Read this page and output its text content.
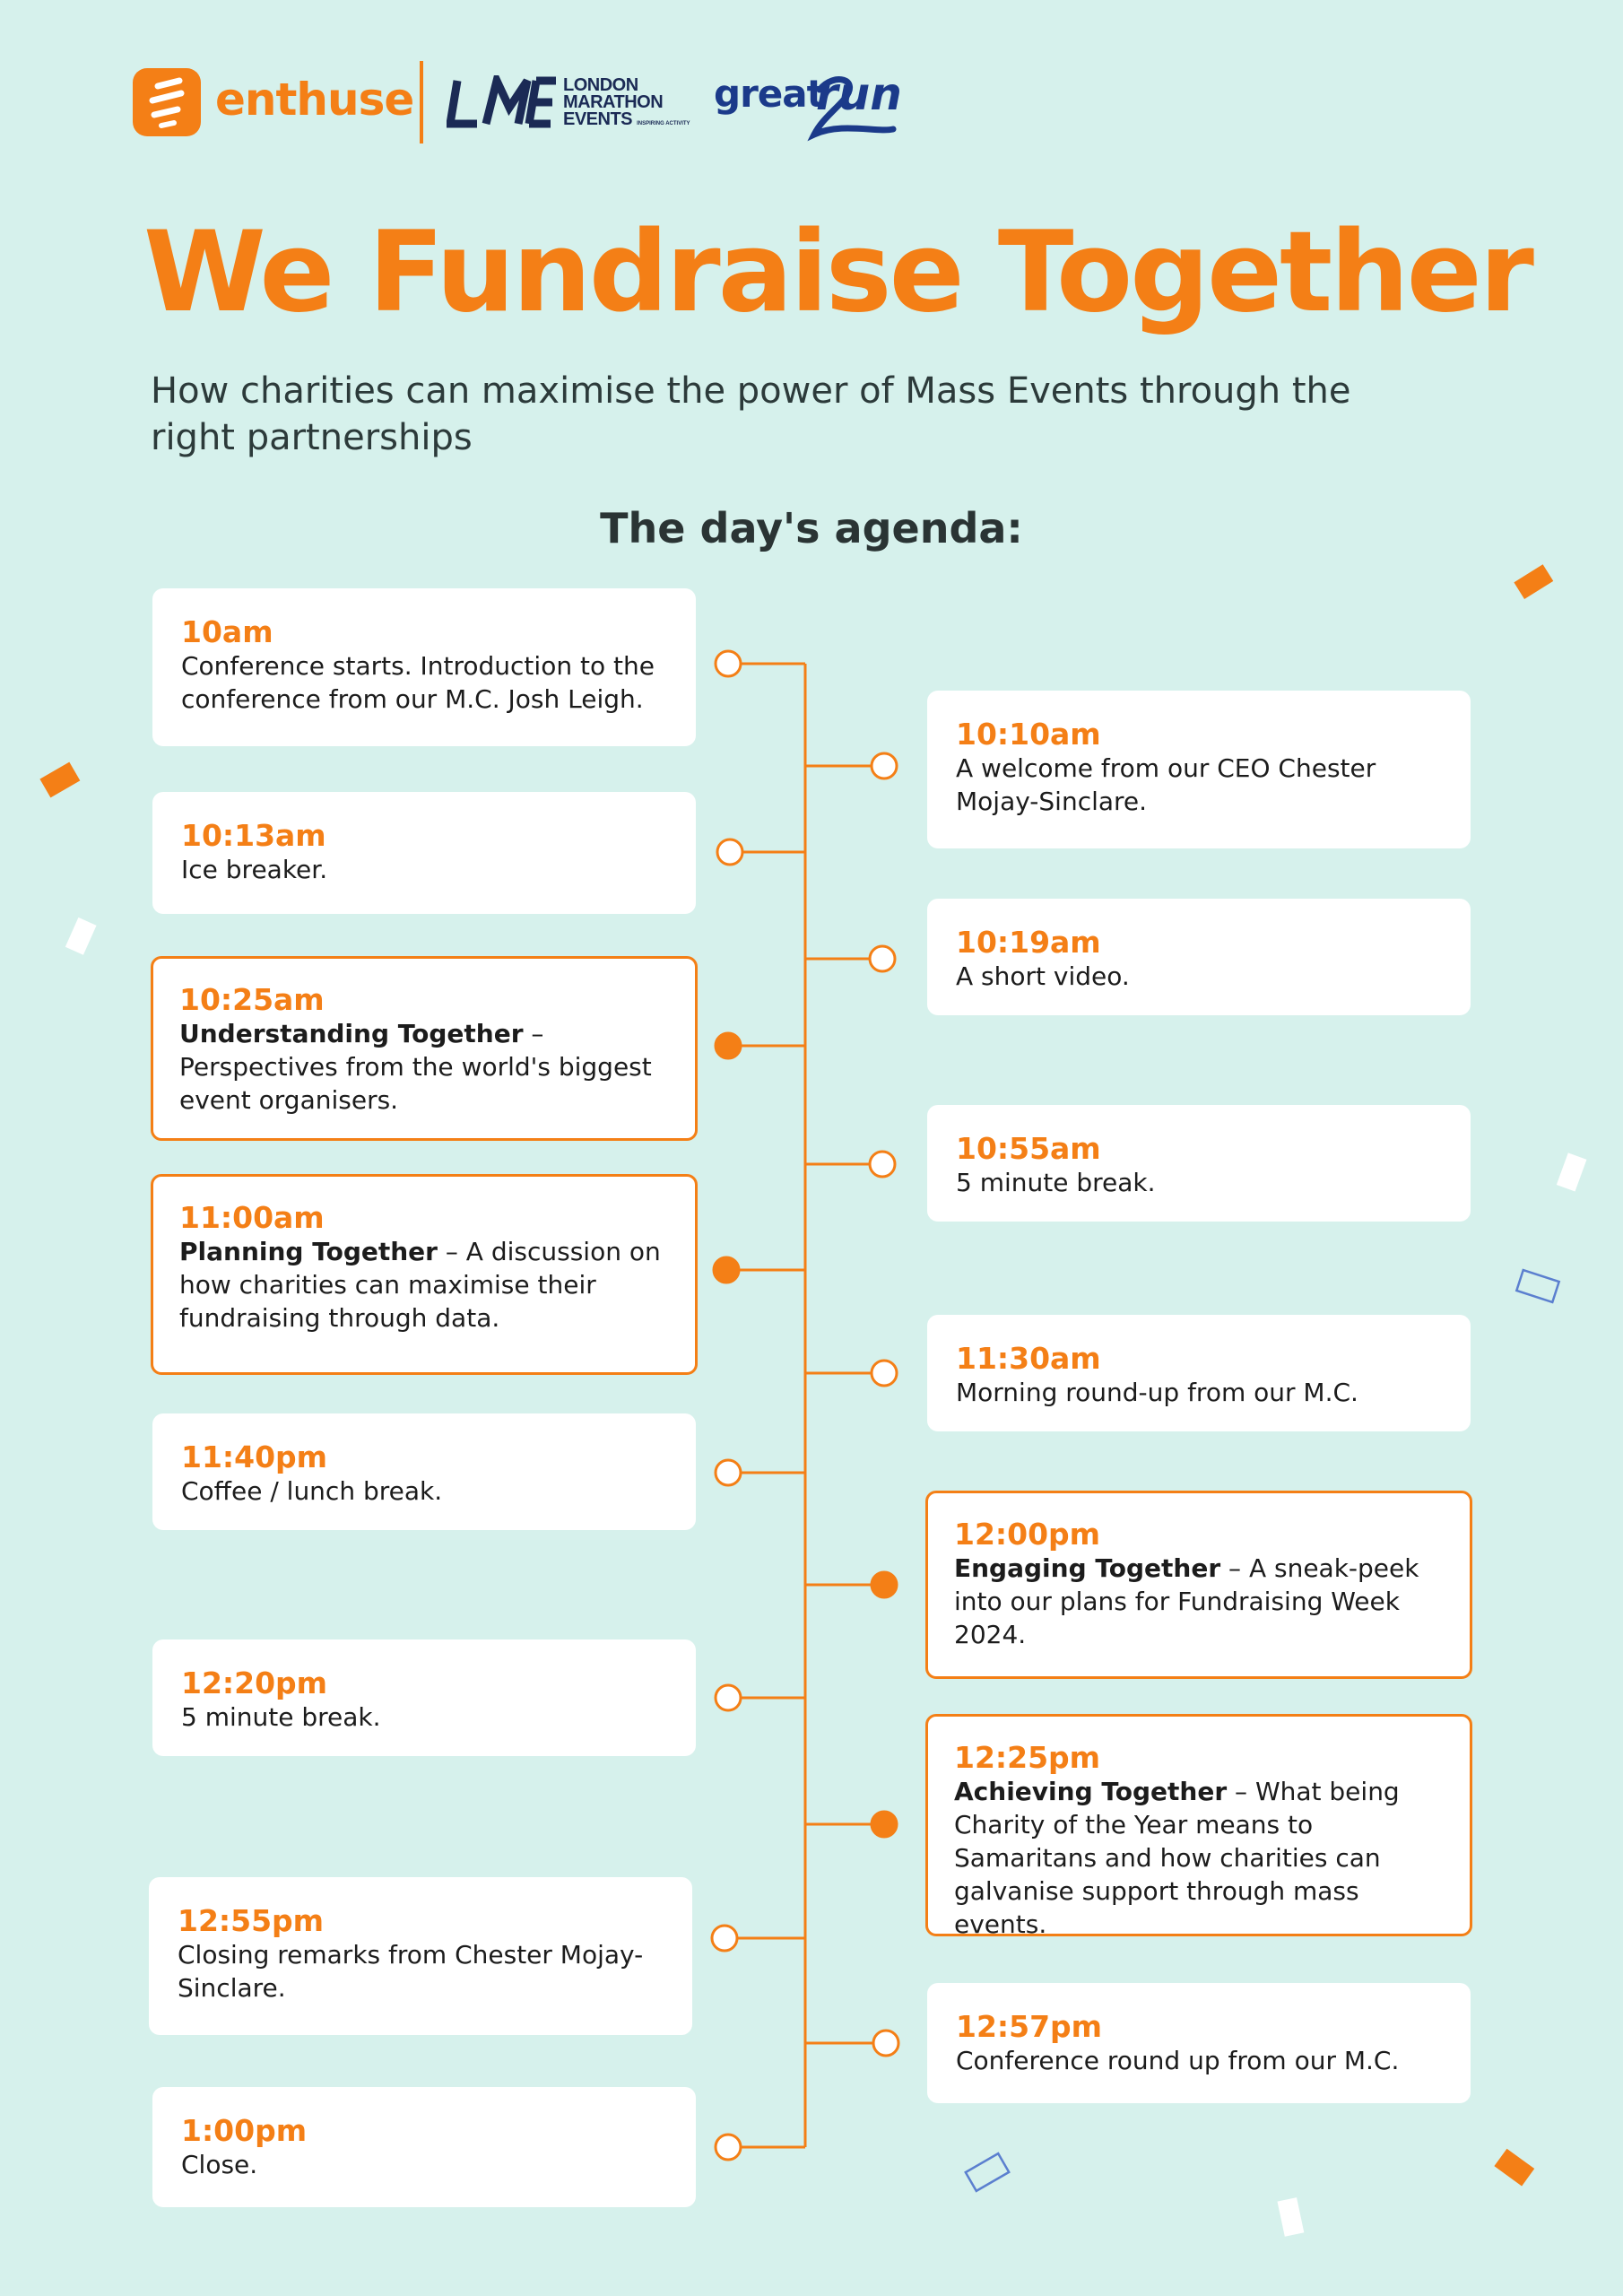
enthuse	LONDON
MARATHON
EVENTS INSPIRING ACTIVITY
great
run
We Fundraise Together
How charities can maximise the power of Mass Events through the right partnerships
The day's agenda:
10am
Conference starts. Introduction to the conference from our M.C. Josh Leigh.
10:13am
Ice breaker.
10:25am
Understanding Together – Perspectives from the world's biggest event organisers.
11:00am
Planning Together – A discussion on how charities can maximise their fundraising through data.
11:40pm
Coffee / lunch break.
12:20pm
5 minute break.
12:55pm
Closing remarks from Chester Mojay-Sinclare.
1:00pm
Close.
10:10am
A welcome from our CEO Chester Mojay-Sinclare.
10:19am
A short video.
10:55am
5 minute break.
11:30am
Morning round-up from our M.C.
12:00pm
Engaging Together – A sneak-peek into our plans for Fundraising Week 2024.
12:25pm
Achieving Together – What being Charity of the Year means to Samaritans and how charities can galvanise support through mass events.
12:57pm
Conference round up from our M.C.
